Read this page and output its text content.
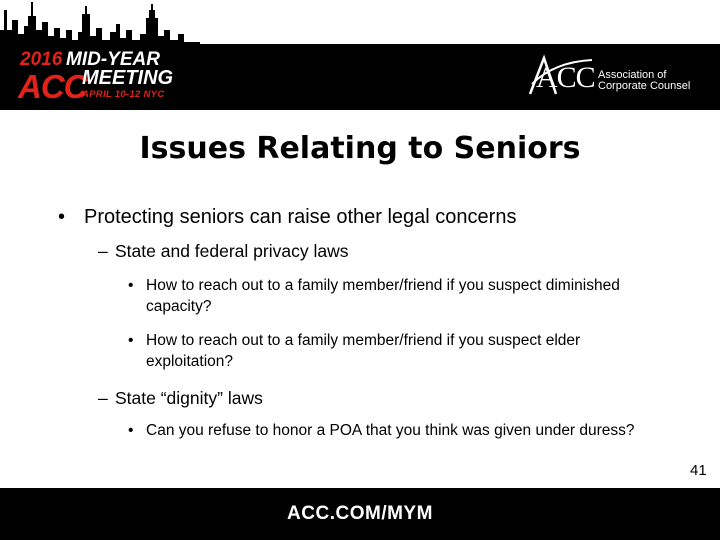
2016 MID-YEAR
ACC
MEETING
APRIL 10-12 NYC
ACC Association of
Corporate Counsel
Issues Relating to Seniors
• Protecting seniors can raise other legal concerns
– State and federal privacy laws
• How to reach out to a family member/friend if you suspect diminished capacity?
• How to reach out to a family member/friend if you suspect elder exploitation?
– State “dignity” laws
• Can you refuse to honor a POA that you think was given under duress?
41
ACC.COM/MYM
